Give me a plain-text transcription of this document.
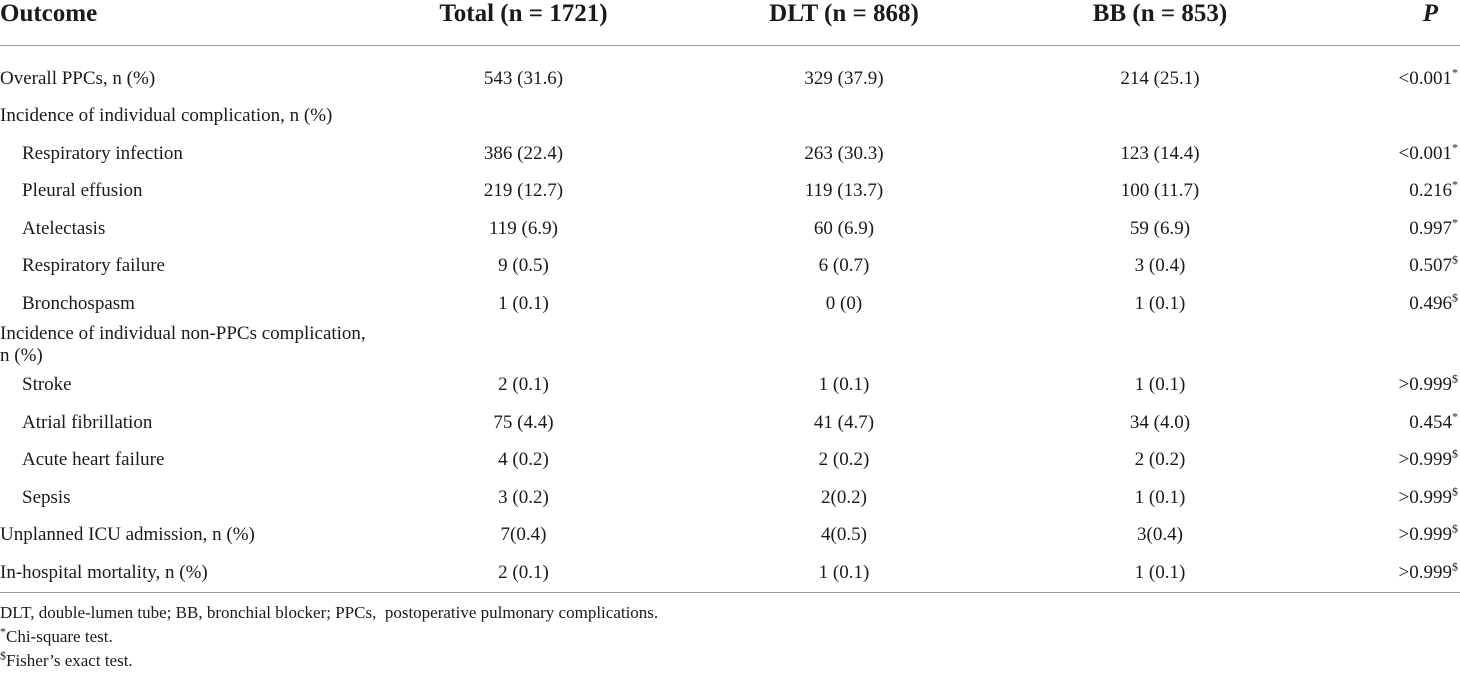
Outcome	Total (n = 1721)	DLT (n = 868)	BB (n = 853)	P

Overall PPCs, n (%)	543 (31.6)	329 (37.9)	214 (25.1)	<0.001*
Incidence of individual complication, n (%)				
Respiratory infection	386 (22.4)	263 (30.3)	123 (14.4)	<0.001*
Pleural effusion	219 (12.7)	119 (13.7)	100 (11.7)	0.216*
Atelectasis	119 (6.9)	60 (6.9)	59 (6.9)	0.997*
Respiratory failure	9 (0.5)	6 (0.7)	3 (0.4)	0.507$
Bronchospasm	1 (0.1)	0 (0)	1 (0.1)	0.496$
Incidence of individual non-PPCs complication, n (%)				
Stroke	2 (0.1)	1 (0.1)	1 (0.1)	>0.999$
Atrial fibrillation	75 (4.4)	41 (4.7)	34 (4.0)	0.454*
Acute heart failure	4 (0.2)	2 (0.2)	2 (0.2)	>0.999$
Sepsis	3 (0.2)	2(0.2)	1 (0.1)	>0.999$
Unplanned ICU admission, n (%)	7(0.4)	4(0.5)	3(0.4)	>0.999$
In-hospital mortality, n (%)	2 (0.1)	1 (0.1)	1 (0.1)	>0.999$
DLT, double-lumen tube; BB, bronchial blocker; PPCs,  postoperative pulmonary complications.
*Chi-square test.
$Fisher’s exact test.
